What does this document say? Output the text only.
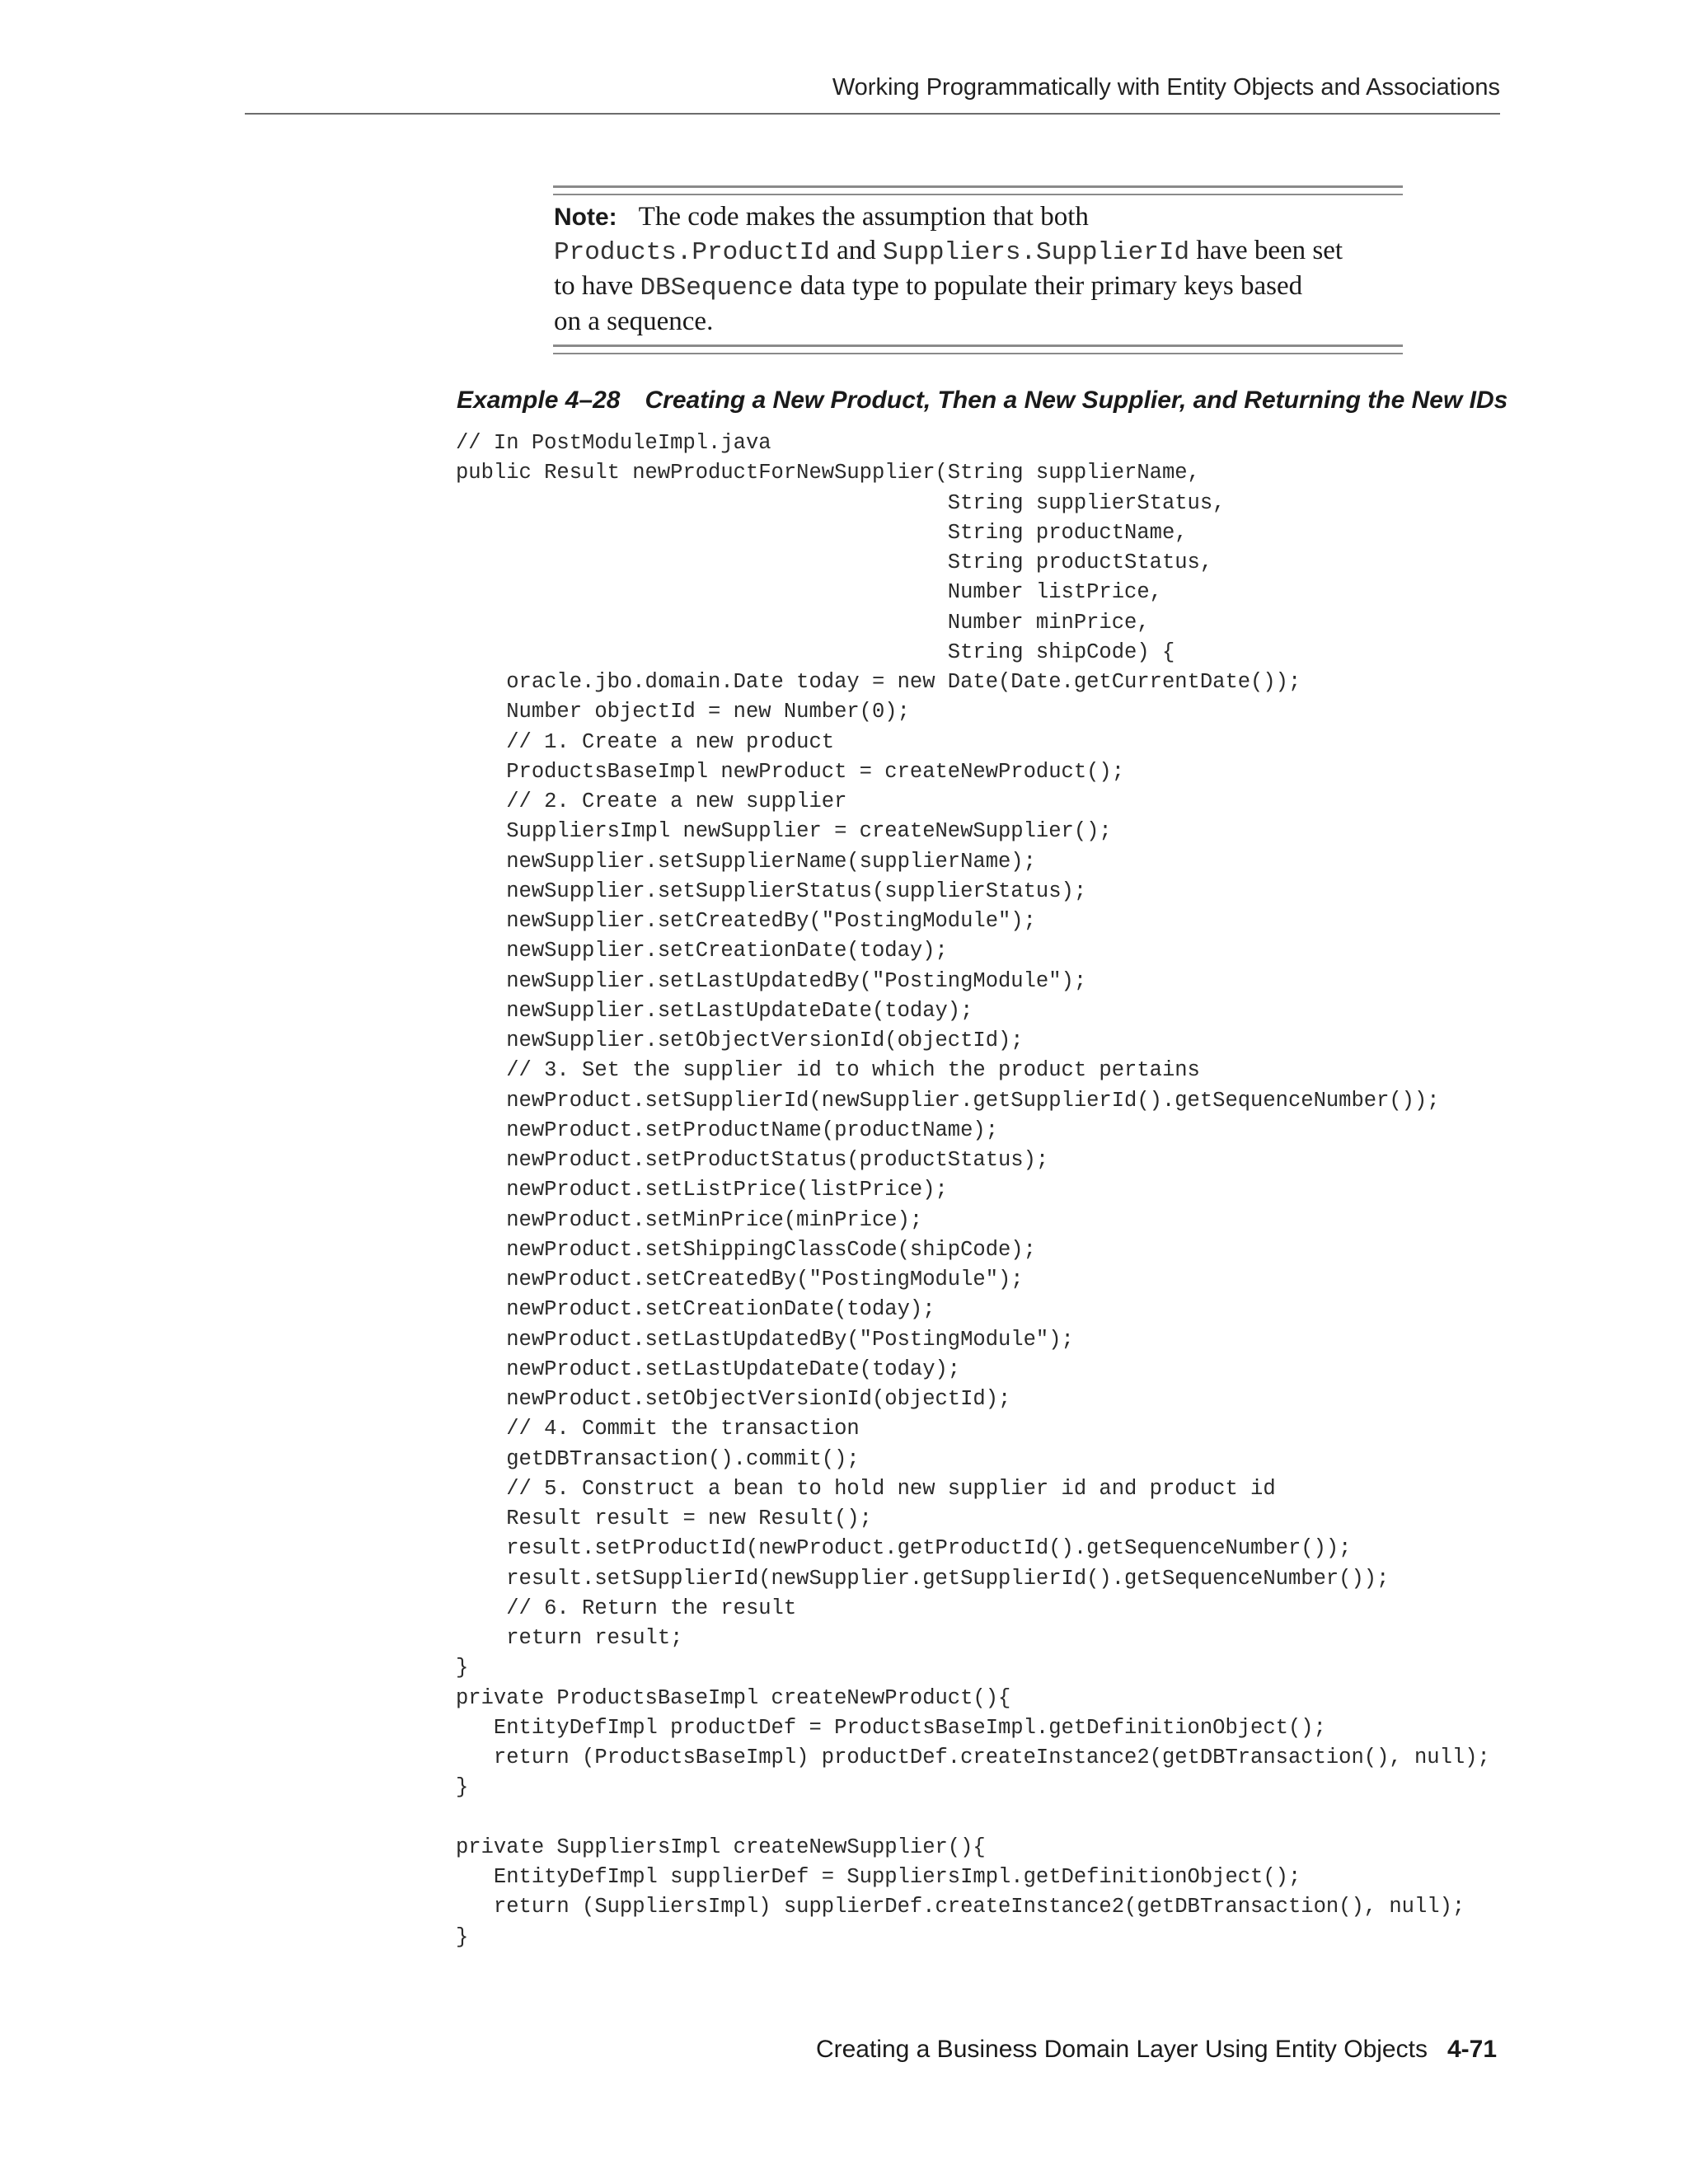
Working Programmatically with Entity Objects and Associations
Note: The code makes the assumption that both
Products.ProductId and Suppliers.SupplierId have been set
to have DBSequence data type to populate their primary keys based
on a sequence.
Example 4–28 Creating a New Product, Then a New Supplier, and Returning the New IDs
// In PostModuleImpl.java
public Result newProductForNewSupplier(String supplierName,
String supplierStatus,
String productName,
String productStatus,
Number listPrice,
Number minPrice,
String shipCode) {
oracle.jbo.domain.Date today = new Date(Date.getCurrentDate());
Number objectId = new Number(0);
// 1. Create a new product
ProductsBaseImpl newProduct = createNewProduct();
// 2. Create a new supplier
SuppliersImpl newSupplier = createNewSupplier();
newSupplier.setSupplierName(supplierName);
newSupplier.setSupplierStatus(supplierStatus);
newSupplier.setCreatedBy("PostingModule");
newSupplier.setCreationDate(today);
newSupplier.setLastUpdatedBy("PostingModule");
newSupplier.setLastUpdateDate(today);
newSupplier.setObjectVersionId(objectId);
// 3. Set the supplier id to which the product pertains
newProduct.setSupplierId(newSupplier.getSupplierId().getSequenceNumber());
newProduct.setProductName(productName);
newProduct.setProductStatus(productStatus);
newProduct.setListPrice(listPrice);
newProduct.setMinPrice(minPrice);
newProduct.setShippingClassCode(shipCode);
newProduct.setCreatedBy("PostingModule");
newProduct.setCreationDate(today);
newProduct.setLastUpdatedBy("PostingModule");
newProduct.setLastUpdateDate(today);
newProduct.setObjectVersionId(objectId);
// 4. Commit the transaction
getDBTransaction().commit();
// 5. Construct a bean to hold new supplier id and product id
Result result = new Result();
result.setProductId(newProduct.getProductId().getSequenceNumber());
result.setSupplierId(newSupplier.getSupplierId().getSequenceNumber());
// 6. Return the result
return result;
}
private ProductsBaseImpl createNewProduct(){
EntityDefImpl productDef = ProductsBaseImpl.getDefinitionObject();
return (ProductsBaseImpl) productDef.createInstance2(getDBTransaction(), null);
}
private SuppliersImpl createNewSupplier(){
EntityDefImpl supplierDef = SuppliersImpl.getDefinitionObject();
return (SuppliersImpl) supplierDef.createInstance2(getDBTransaction(), null);
}
Creating a Business Domain Layer Using Entity Objects 4-71
